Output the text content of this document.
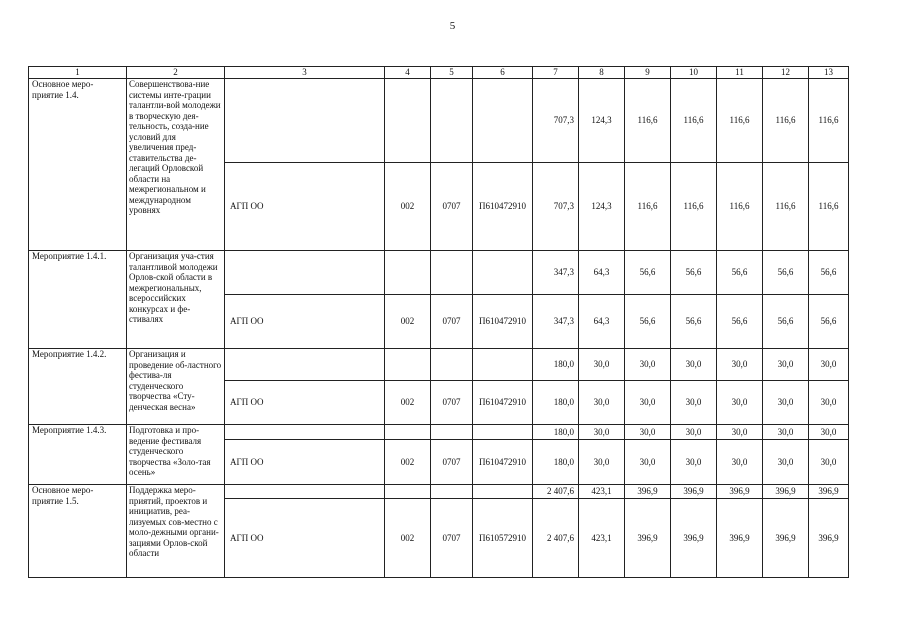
5
1	2	3	4	5	6	7	8	9	10	11	12	13
Основное меро-приятие 1.4.	Совершенствова-ние системы инте-грации талантли-вой молодежи в творческую дея-тельность, созда-ние условий для увеличения пред-ставительства де-легаций Орловской области на межрегиональном и международном уровнях					707,3	124,3	116,6	116,6	116,6	116,6	116,6
		АГП ОО	002	0707	П610472910	707,3	124,3	116,6	116,6	116,6	116,6	116,6
Мероприятие 1.4.1.	Организация уча-стия талантливой молодежи Орлов-ской области в межрегиональных, всероссийских конкурсах и фе-стивалях					347,3	64,3	56,6	56,6	56,6	56,6	56,6
		АГП ОО	002	0707	П610472910	347,3	64,3	56,6	56,6	56,6	56,6	56,6
Мероприятие 1.4.2.	Организация и проведение об-ластного фестива-ля студенческого творчества «Сту-денческая весна»					180,0	30,0	30,0	30,0	30,0	30,0	30,0
		АГП ОО	002	0707	П610472910	180,0	30,0	30,0	30,0	30,0	30,0	30,0
Мероприятие 1.4.3.	Подготовка и про-ведение фестиваля студенческого творчества «Золо-тая осень»					180,0	30,0	30,0	30,0	30,0	30,0	30,0
		АГП ОО	002	0707	П610472910	180,0	30,0	30,0	30,0	30,0	30,0	30,0
Основное меро-приятие 1.5.	Поддержка меро-приятий, проектов и инициатив, реа-лизуемых сов-местно с моло-дежными органи-зациями Орлов-ской области					2 407,6	423,1	396,9	396,9	396,9	396,9	396,9
		АГП ОО	002	0707	П610572910	2 407,6	423,1	396,9	396,9	396,9	396,9	396,9
